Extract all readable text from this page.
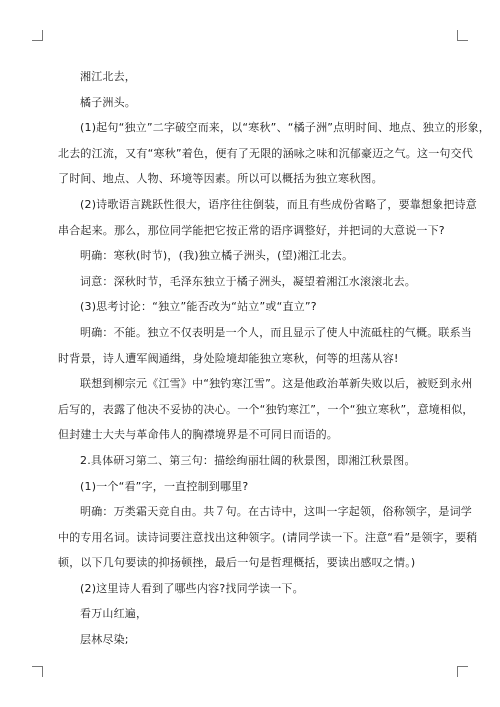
湘江北去，

橘子洲头。

(1)起句“独立”二字破空而来，以“寒秋”、“橘子洲”点明时间、地点、独立的形象，

北去的江流，又有“寒秋”着色，便有了无限的涵咏之味和沉郁豪迈之气。这一句交代

了时间、地点、人物、环境等因素。所以可以概括为独立寒秋图。

(2)诗歌语言跳跃性很大，语序往往倒装，而且有些成份省略了，要靠想象把诗意

串合起来。那么，那位同学能把它按正常的语序调整好，并把词的大意说一下?

明确：寒秋(时节)，(我)独立橘子洲头，(望)湘江北去。

词意：深秋时节，毛泽东独立于橘子洲头，凝望着湘江水滚滚北去。

(3)思考讨论：“独立”能否改为“站立”或“直立”?

明确：不能。独立不仅表明是一个人，而且显示了使人中流砥柱的气概。联系当

时背景，诗人遭军阀通缉，身处险境却能独立寒秋，何等的坦荡从容!

联想到柳宗元《江雪》中“独钓寒江雪”。这是他政治革新失败以后，被贬到永州

后写的，表露了他决不妥协的决心。一个“独钓寒江”，一个“独立寒秋”，意境相似，

但封建士大夫与革命伟人的胸襟境界是不可同日而语的。

2.具体研习第二、第三句：描绘绚丽壮阔的秋景图，即湘江秋景图。

(1)一个“看”字，一直控制到哪里?

明确：万类霜天竞自由。共７句。在古诗中，这叫一字起领，俗称领字，是词学

中的专用名词。读诗词要注意找出这种领字。(请同学读一下。注意“看”是领字，要稍

顿，以下几句要读的抑扬顿挫，最后一句是哲理概括，要读出感叹之情。)

(2)这里诗人看到了哪些内容?找同学读一下。

看万山红遍，

层林尽染;
